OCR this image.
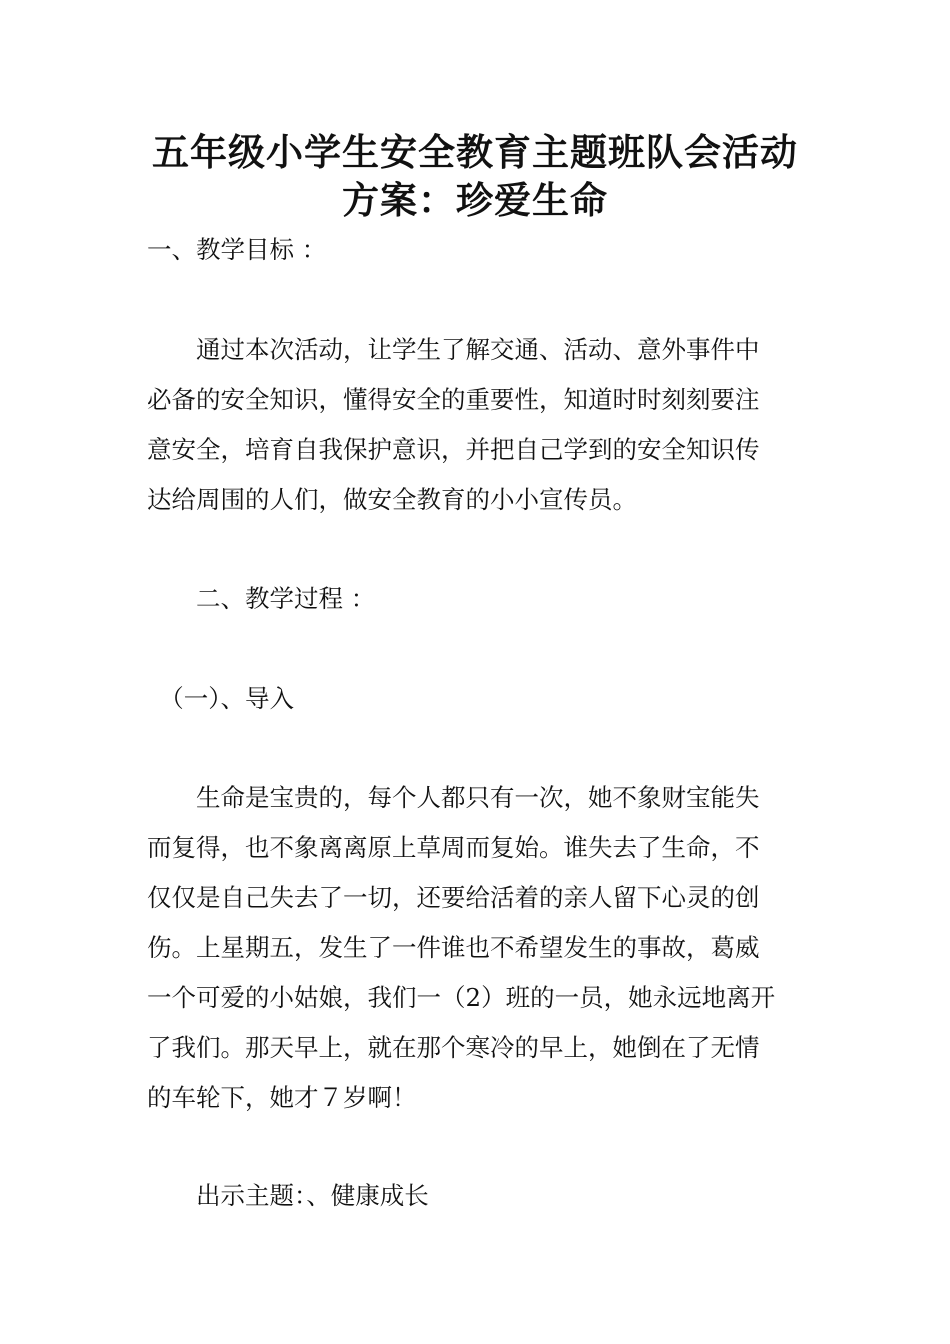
五年级小学生安全教育主题班队会活动
方案：珍爱生命
一、教学目标 ：
　　通过本次活动，让学生了解交通、活动、意外事件中
必备的安全知识，懂得安全的重要性，知道时时刻刻要注
意安全，培育自我保护意识，并把自己学到的安全知识传
达给周围的人们，做安全教育的小小宣传员。
　　二、教学过程 ：
　（一）、导入
　　生命是宝贵的，每个人都只有一次，她不象财宝能失
而复得，也不象离离原上草周而复始。谁失去了生命，不
仅仅是自己失去了一切，还要给活着的亲人留下心灵的创
伤。上星期五，发生了一件谁也不希望发生的事故，葛威
一个可爱的小姑娘，我们一（2）班的一员，她永远地离开
了我们。那天早上，就在那个寒冷的早上，她倒在了无情
的车轮下，她才７岁啊！
　　出示主题：、健康成长
